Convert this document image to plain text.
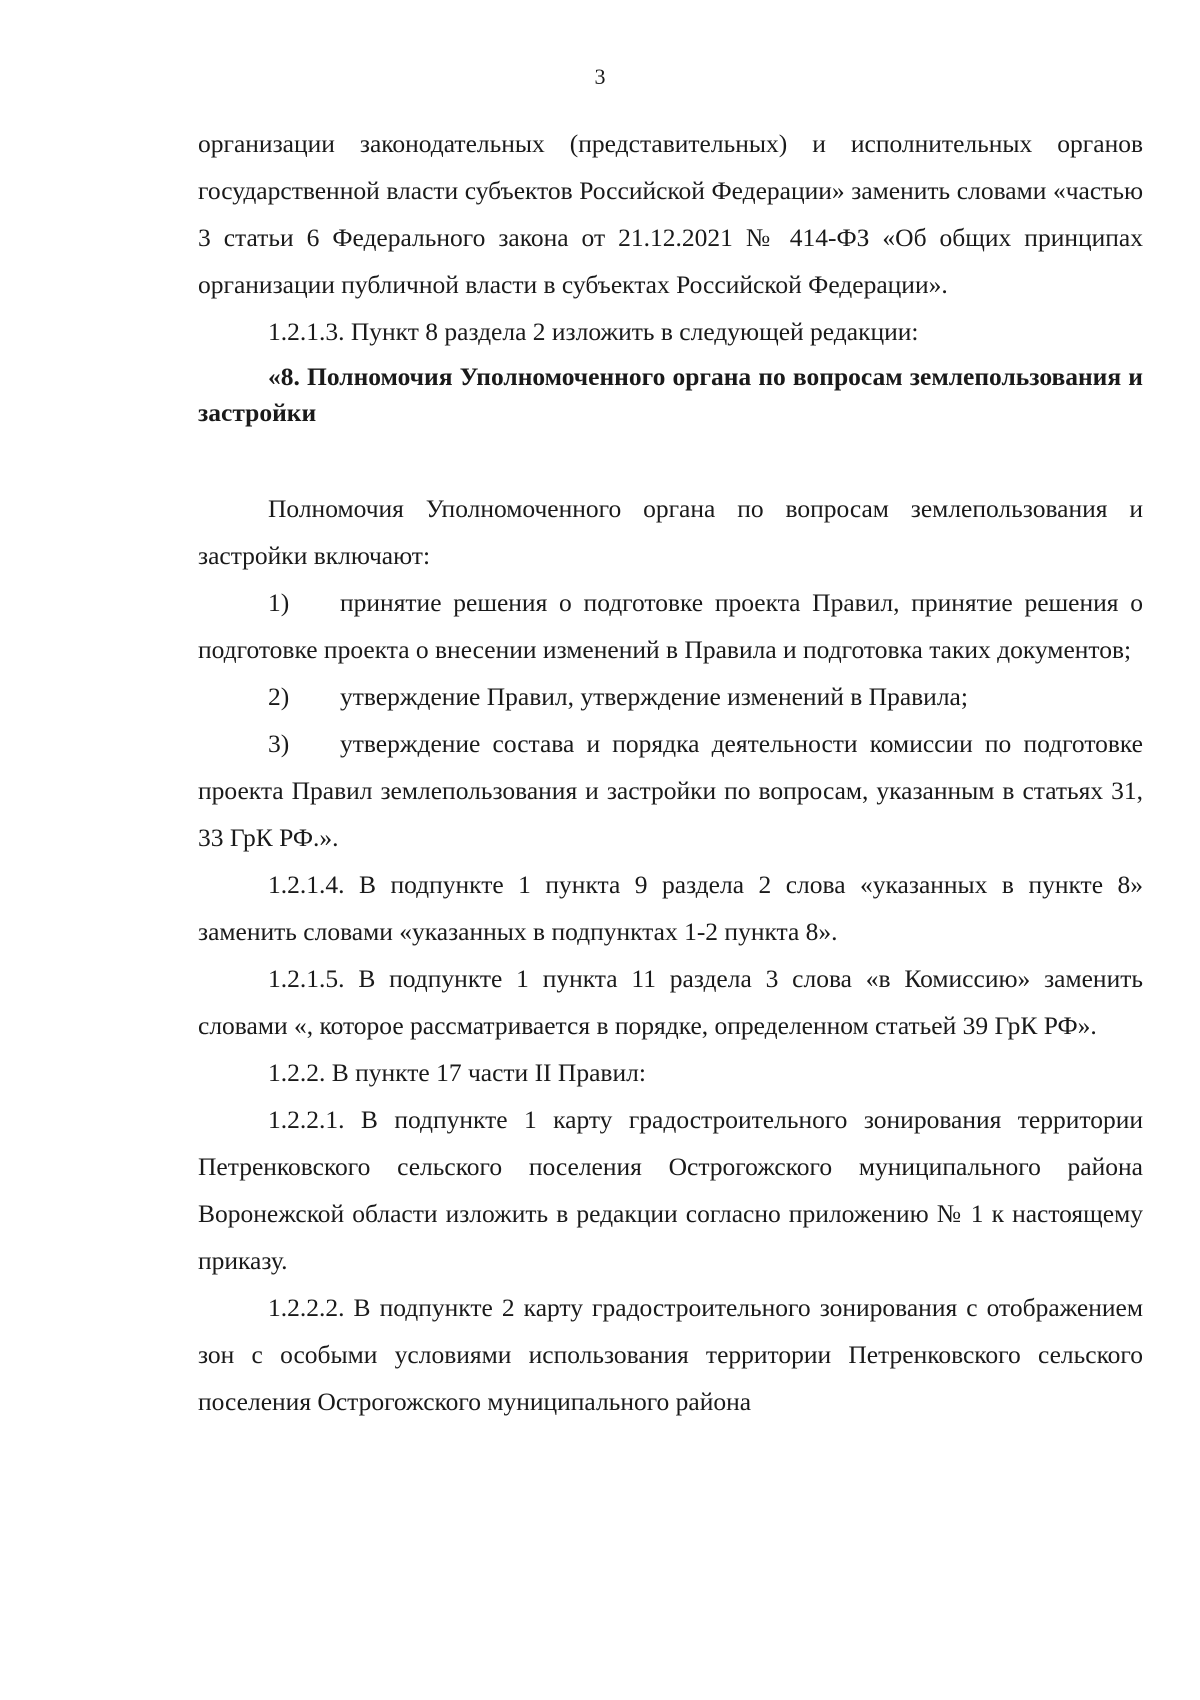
3

организации законодательных (представительных) и исполнительных органов государственной власти субъектов Российской Федерации» заменить словами «частью 3 статьи 6 Федерального закона от 21.12.2021 № 414-ФЗ «Об общих принципах организации публичной власти в субъектах Российской Федерации».

1.2.1.3. Пункт 8 раздела 2 изложить в следующей редакции:

«8. Полномочия Уполномоченного органа по вопросам землепользования и застройки

Полномочия Уполномоченного органа по вопросам землепользования и застройки включают:

1) принятие решения о подготовке проекта Правил, принятие решения о подготовке проекта о внесении изменений в Правила и подготовка таких документов;

2) утверждение Правил, утверждение изменений в Правила;

3) утверждение состава и порядка деятельности комиссии по подготовке проекта Правил землепользования и застройки по вопросам, указанным в статьях 31, 33 ГрК РФ.».

1.2.1.4. В подпункте 1 пункта 9 раздела 2 слова «указанных в пункте 8» заменить словами «указанных в подпунктах 1-2 пункта 8».

1.2.1.5. В подпункте 1 пункта 11 раздела 3 слова «в Комиссию» заменить словами «, которое рассматривается в порядке, определенном статьей 39 ГрК РФ».

1.2.2. В пункте 17 части II Правил:

1.2.2.1. В подпункте 1 карту градостроительного зонирования территории Петренковского сельского поселения Острогожского муниципального района Воронежской области изложить в редакции согласно приложению № 1 к настоящему приказу.

1.2.2.2. В подпункте 2 карту градостроительного зонирования с отображением зон с особыми условиями использования территории Петренковского сельского поселения Острогожского муниципального района
